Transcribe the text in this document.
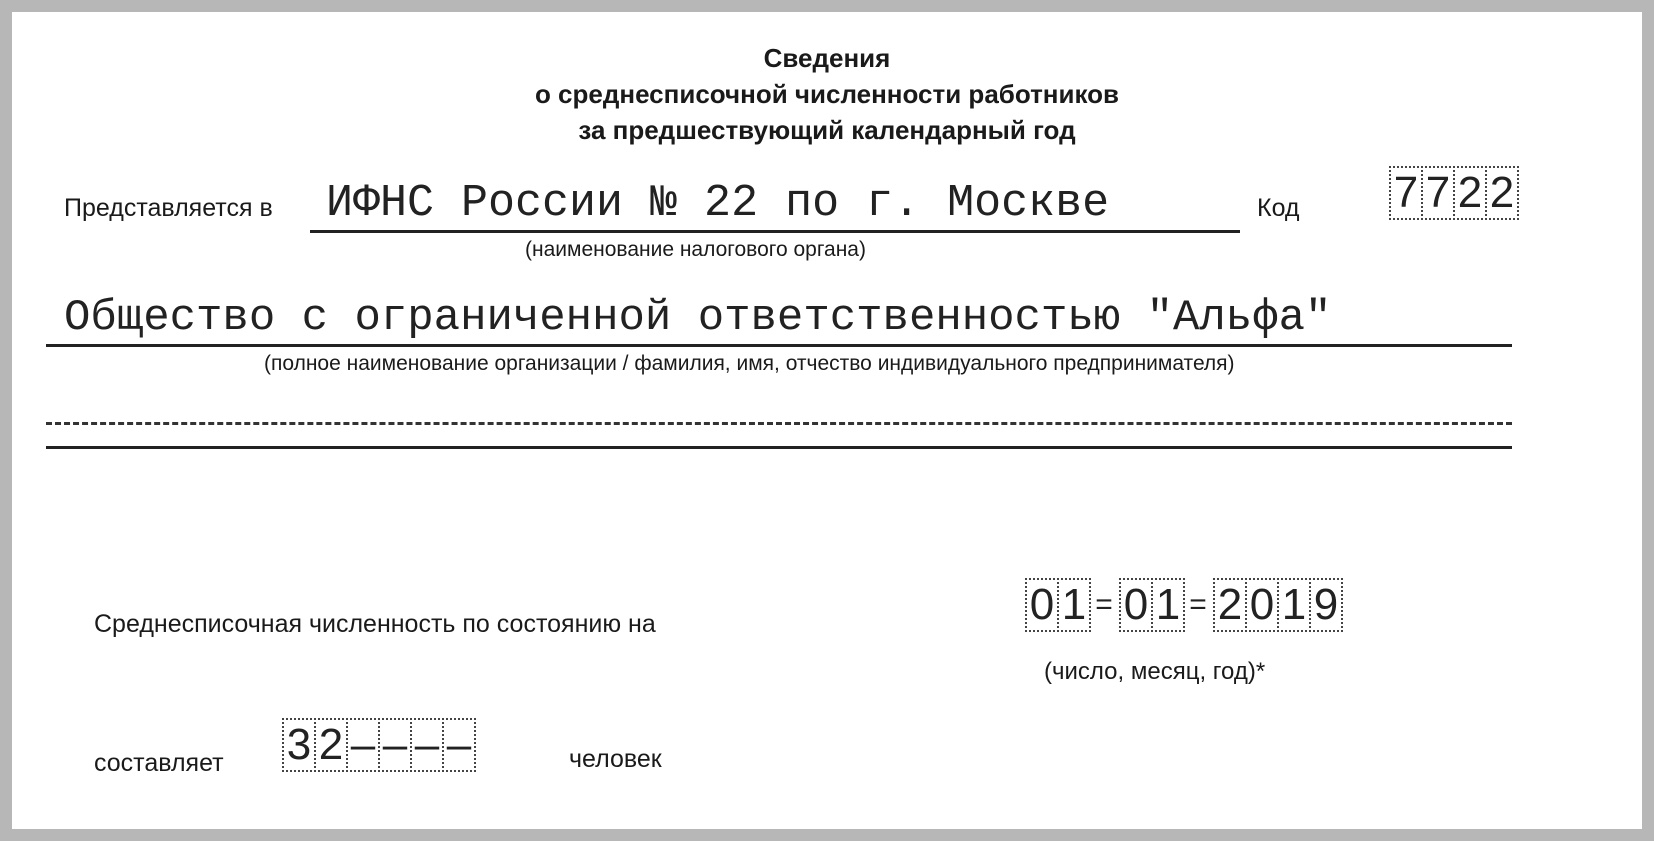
Сведения
о среднесписочной численности работников
за предшествующий календарный год
Представляется в ИФНС России № 22 по г. Москве
(наименование налогового органа)
Код 7 7 2 2
Общество с ограниченной ответственностью "Альфа"
(полное наименование организации / фамилия, имя, отчество индивидуального предпринимателя)
Среднесписочная численность по состоянию на	0 1 = 0 1 = 2 0 1 9
(число, месяц, год)*
составляет 3 2 – – – –	человек
